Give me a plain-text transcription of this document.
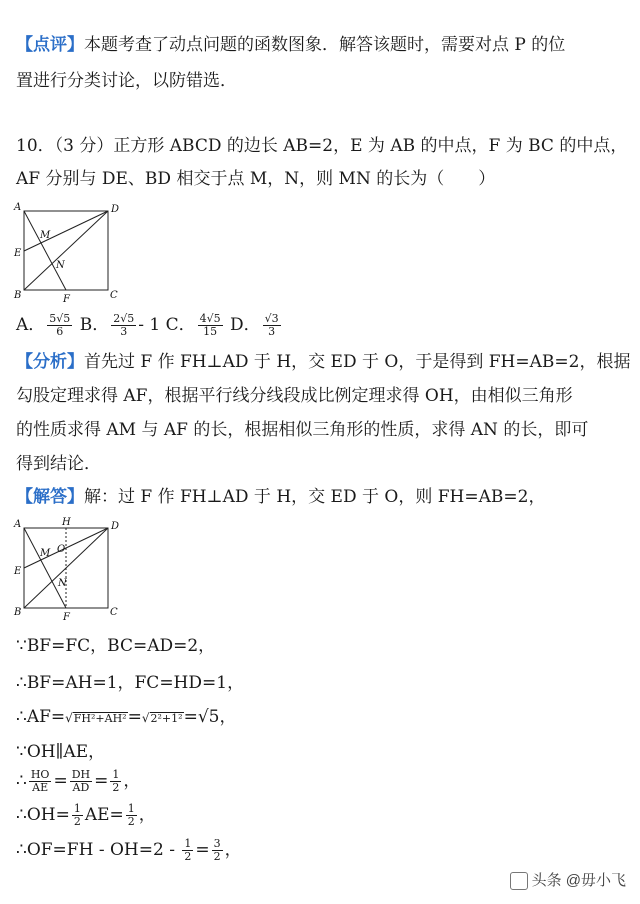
【点评】本题考查了动点问题的函数图象．解答该题时，需要对点 P 的位
置进行分类讨论，以防错选．
10．（3 分）正方形 ABCD 的边长 AB=2，E 为 AB 的中点，F 为 BC 的中点，
AF 分别与 DE、BD 相交于点 M，N，则 MN 的长为（　　）
A	D
M
E
N
B	F	C
A． $\frac{5√5}{6}$ B． $\frac{2√5}{3} - 1$ C． $\frac{4√5}{15}$ D． $\frac{√3}{3}$
【分析】首先过 F 作 FH⊥AD 于 H，交 ED 于 O，于是得到 FH=AB=2，根据
勾股定理求得 AF，根据平行线分线段成比例定理求得 OH，由相似三角形
的性质求得 AM 与 AF 的长，根据相似三角形的性质，求得 AN 的长，即可
得到结论．
【解答】解：过 F 作 FH⊥AD 于 H，交 ED 于 O，则 FH=AB=2，
A	H	D
M O
E
N
B	F	C
∵BF=FC，BC=AD=2，
∴BF=AH=1，FC=HD=1，
∴AF=√FH²+AH²=√2²+1²=√5，
∵OH∥AE，
∴ $\frac{HO}{AE} = \frac{DH}{AD} = \frac{1}{2}$ ，
∴OH= $\frac{1}{2} AE= \frac{1}{2}$ ，
∴OF=FH - $OH=2 - \frac{1}{2} = \frac{3}{2}$ ，
头条 @毋小飞
